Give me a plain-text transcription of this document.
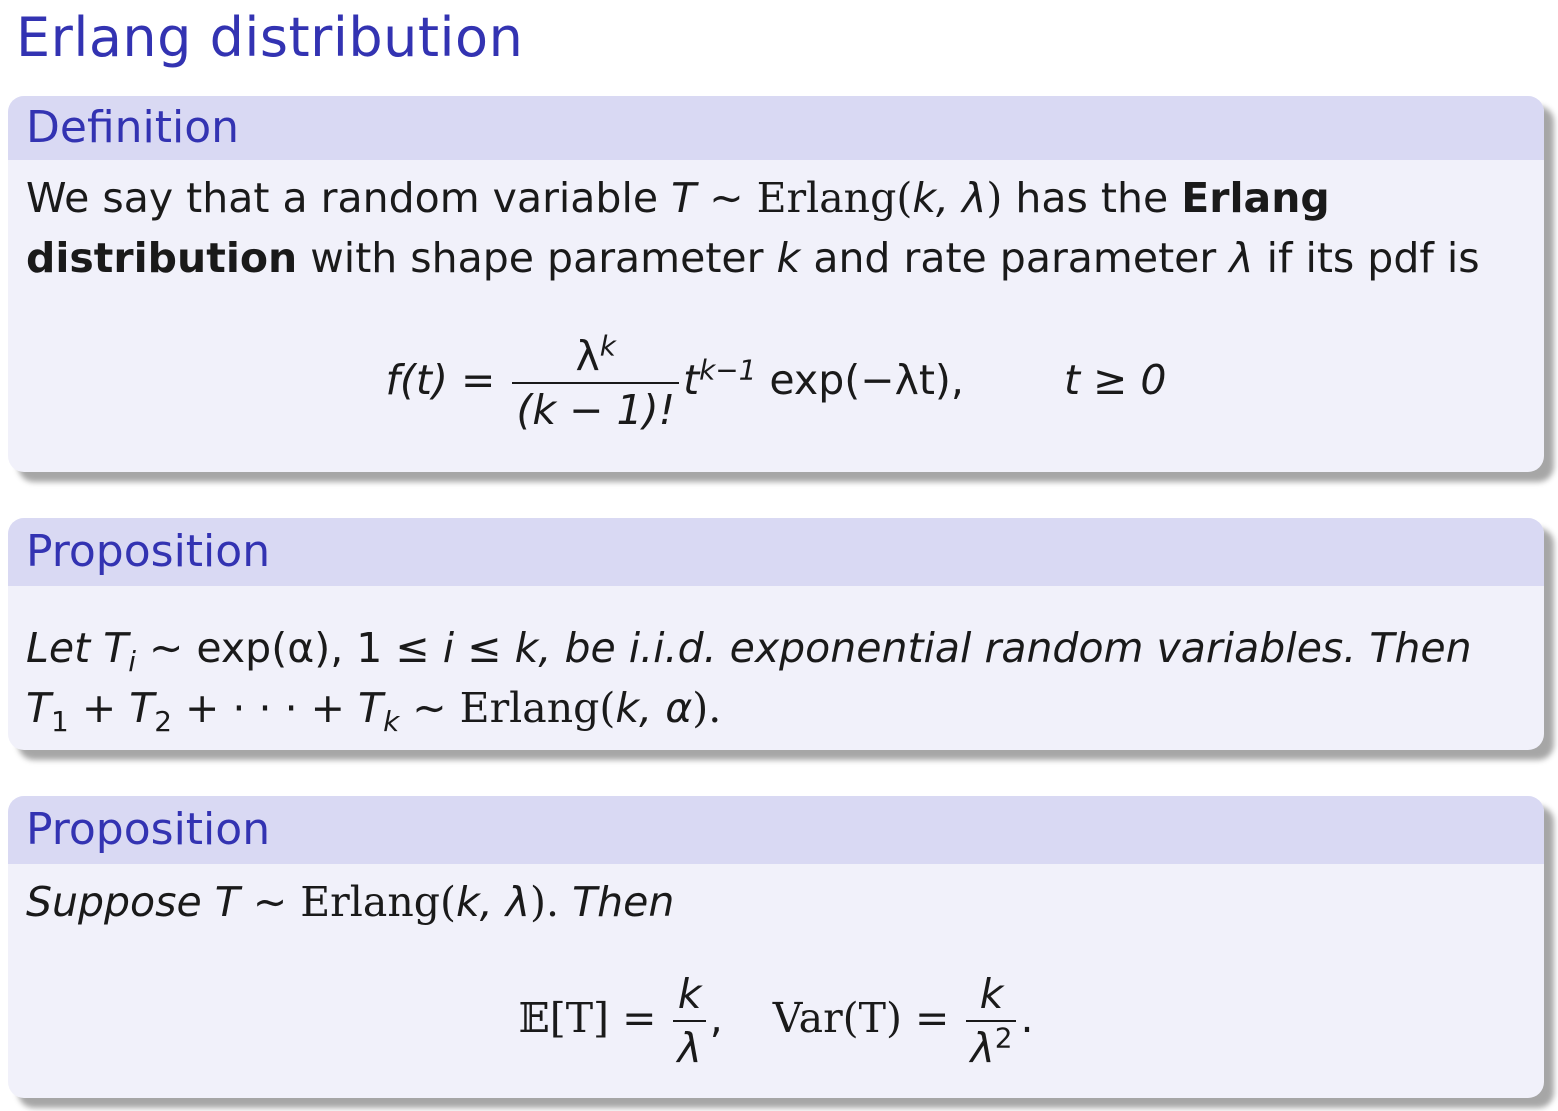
Erlang distribution
Definition
We say that a random variable T ∼ Erlang(k, λ) has the Erlang
distribution with shape parameter k and rate parameter λ if its pdf is
$f(t) = \frac{\lambda^k}{(k - 1)!} t^{k-1}$ exp(−λt), t ≥ 0
Proposition
Let $T_i$ ∼ exp(α), 1 ≤ i ≤ k, be i.i.d. exponential random variables. Then
$T_1 + T_2$ + · · · + $T_k$ ∼ Erlang(k, α).
Proposition
Suppose T ∼ Erlang(k, λ). Then
𝔼[T] = $\frac{k}{\lambda}$ , $Var(T) = \frac{k}{\lambda^2}$ .
